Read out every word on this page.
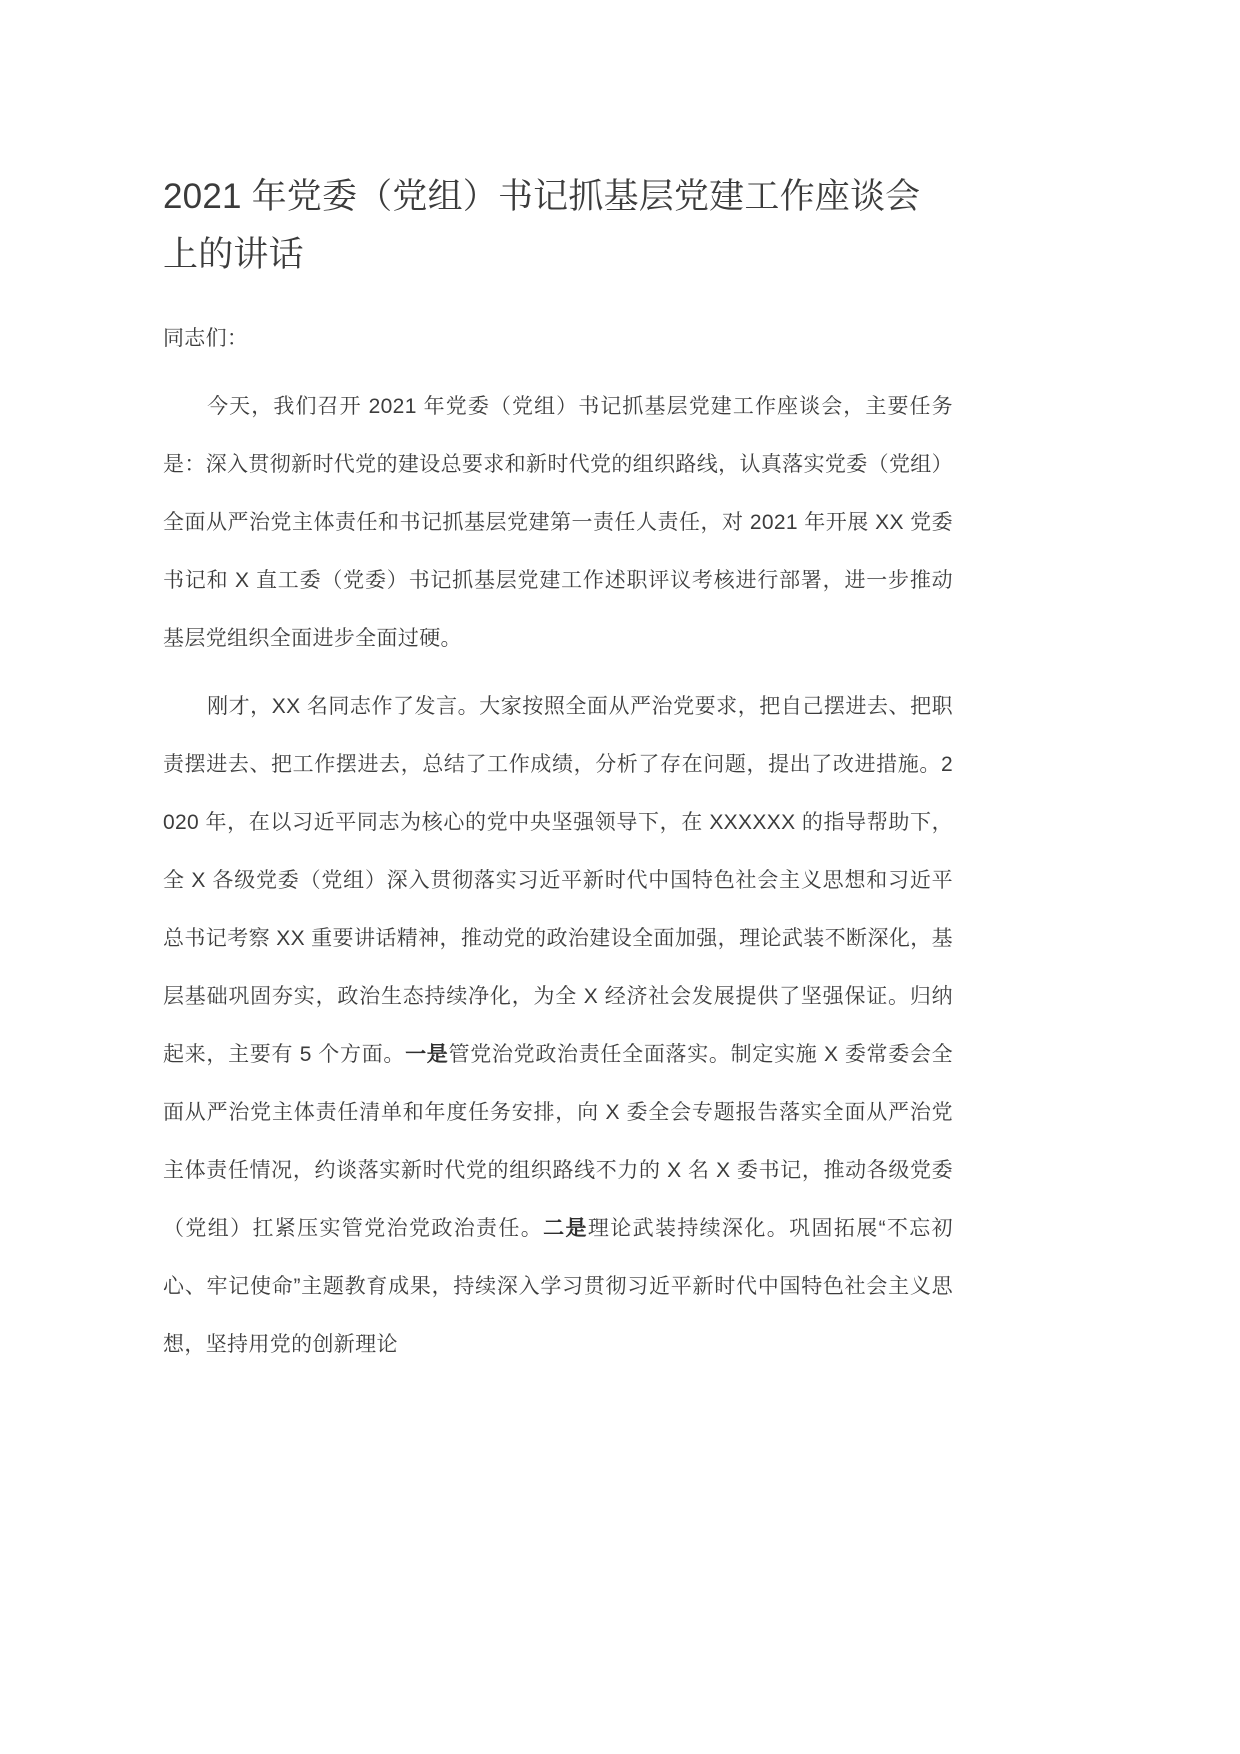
2021 年党委（党组）书记抓基层党建工作座谈会上的讲话

同志们：

今天，我们召开 2021 年党委（党组）书记抓基层党建工作座谈会，主要任务是：深入贯彻新时代党的建设总要求和新时代党的组织路线，认真落实党委（党组）全面从严治党主体责任和书记抓基层党建第一责任人责任，对 2021 年开展 XX 党委书记和 X 直工委（党委）书记抓基层党建工作述职评议考核进行部署，进一步推动基层党组织全面进步全面过硬。

刚才，XX 名同志作了发言。大家按照全面从严治党要求，把自己摆进去、把职责摆进去、把工作摆进去，总结了工作成绩，分析了存在问题，提出了改进措施。2020 年，在以习近平同志为核心的党中央坚强领导下，在 XXXXXX 的指导帮助下，全 X 各级党委（党组）深入贯彻落实习近平新时代中国特色社会主义思想和习近平总书记考察 XX 重要讲话精神，推动党的政治建设全面加强，理论武装不断深化，基层基础巩固夯实，政治生态持续净化，为全 X 经济社会发展提供了坚强保证。归纳起来，主要有 5 个方面。一是管党治党政治责任全面落实。制定实施 X 委常委会全面从严治党主体责任清单和年度任务安排，向 X 委全会专题报告落实全面从严治党主体责任情况，约谈落实新时代党的组织路线不力的 X 名 X 委书记，推动各级党委（党组）扛紧压实管党治党政治责任。二是理论武装持续深化。巩固拓展“不忘初心、牢记使命”主题教育成果，持续深入学习贯彻习近平新时代中国特色社会主义思想，坚持用党的创新理论
